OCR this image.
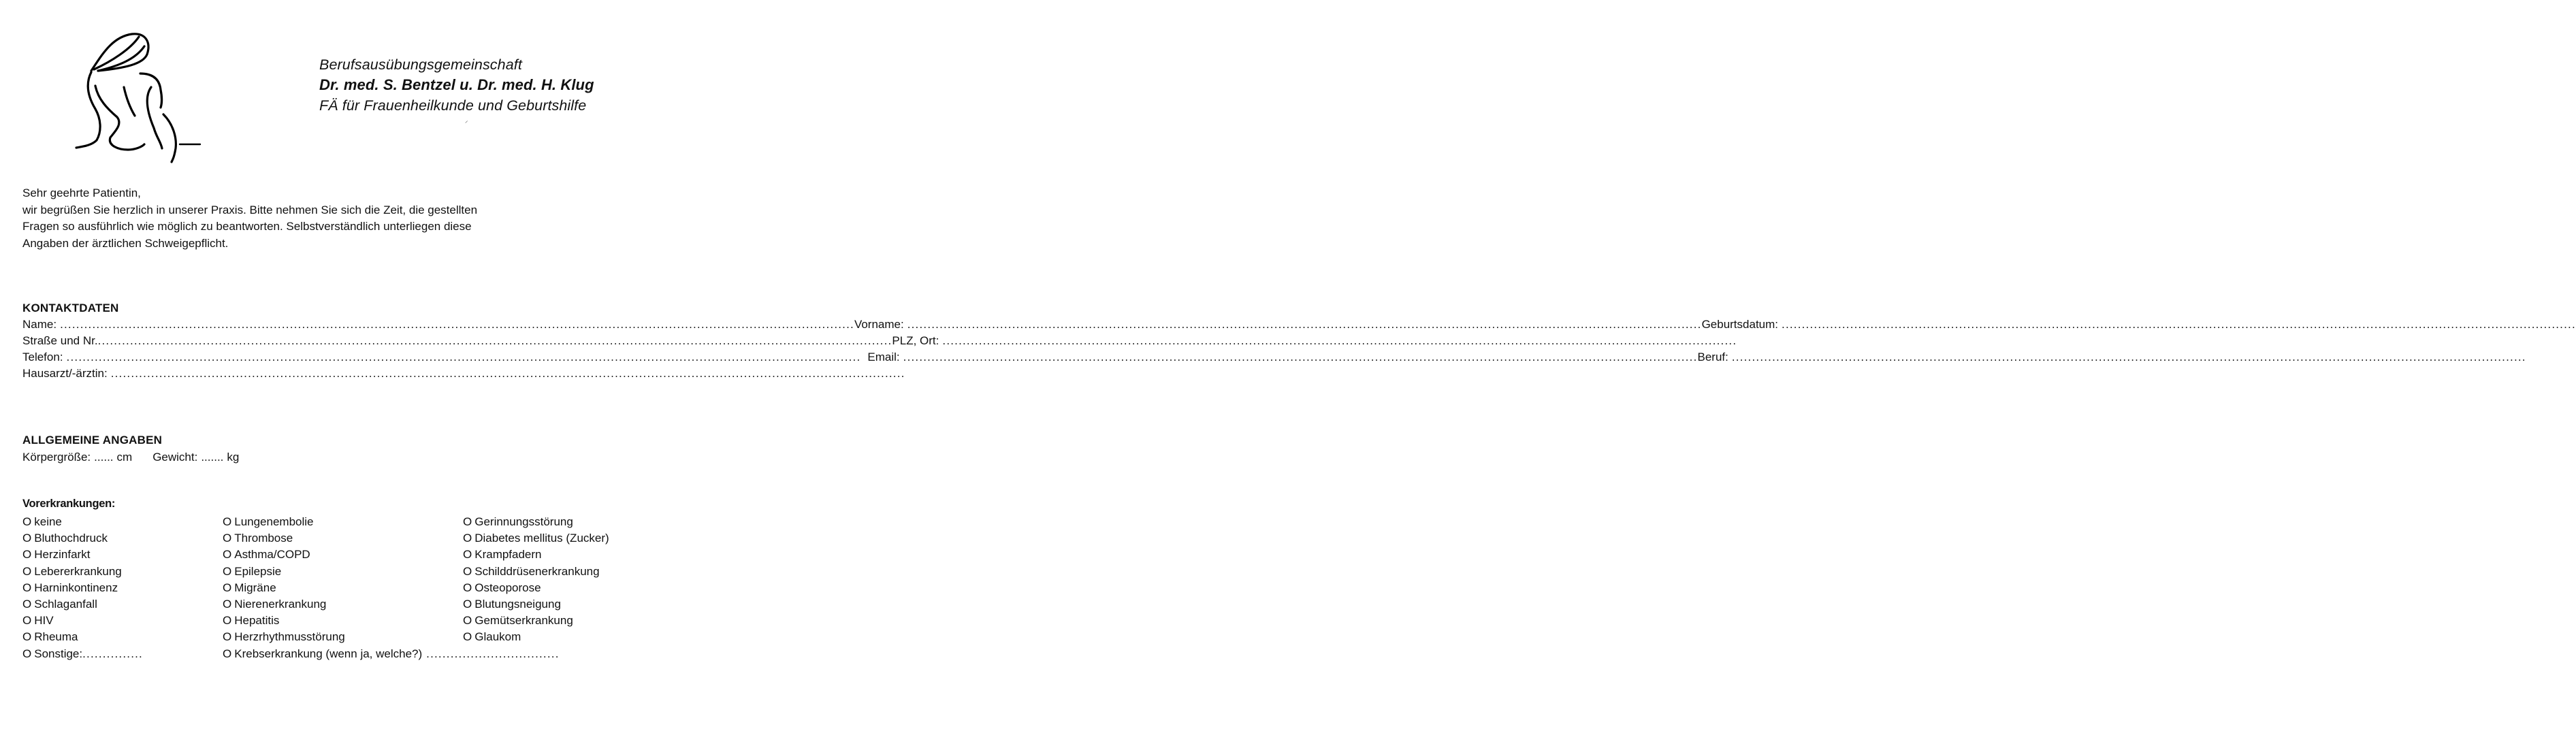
Berufsausübungsgemeinschaft
Dr. med. S. Bentzel u. Dr. med. H. Klug
FÄ für Frauenheilkunde und Geburtshilfe
⸝

Sehr geehrte Patientin,

wir begrüßen Sie herzlich in unserer Praxis. Bitte nehmen Sie sich die Zeit, die gestellten

Fragen so ausführlich wie möglich zu beantworten. Selbstverständlich unterliegen diese

Angaben der ärztlichen Schweigepflicht.

KONTAKTDATEN
Name: ..................................................................................................................................................................................................... Vorname: ..................................................................................................................................................................................................... Geburtsdatum: .....................................................................................................................................................................................................
Straße und Nr. ..................................................................................................................................................................................................... PLZ, Ort: .....................................................................................................................................................................................................
Telefon: ..................................................................................................................................................................................................... Email: ..................................................................................................................................................................................................... Beruf: .....................................................................................................................................................................................................
Hausarzt/-ärztin: .....................................................................................................................................................................................................
ALLGEMEINE ANGABEN
Körpergröße: ...... cm Gewicht: ....... kg
Vorerkrankungen:
O keine
O Bluthochdruck
O Herzinfarkt
O Lebererkrankung
O Harninkontinenz
O Schlaganfall
O HIV
O Rheuma
O Sonstige:...............
O Lungenembolie
O Thrombose
O Asthma/COPD
O Epilepsie
O Migräne
O Nierenerkrankung
O Hepatitis
O Herzrhythmusstörung
O Krebserkrankung (wenn ja, welche?) .................................
O Gerinnungsstörung
O Diabetes mellitus (Zucker)
O Krampfadern
O Schilddrüsenerkrankung
O Osteoporose
O Blutungsneigung
O Gemütserkrankung
O Glaukom
